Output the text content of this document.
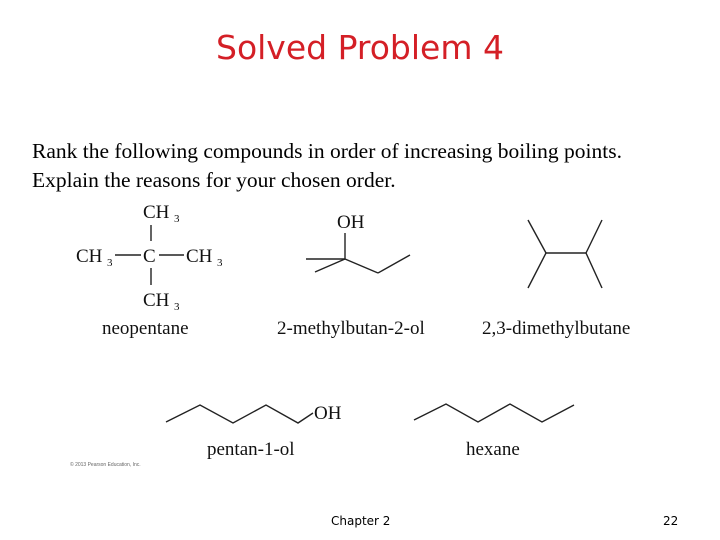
Solved Problem 4
Rank the following compounds in order of increasing boiling points.
Explain the reasons for your chosen order.
CH 3
CH 3 C CH 3
CH 3
OH
OH
neopentane	2-methylbutan-2-ol	2,3-dimethylbutane
pentan-1-ol	hexane
© 2013 Pearson Education, Inc.
Chapter 2	22
